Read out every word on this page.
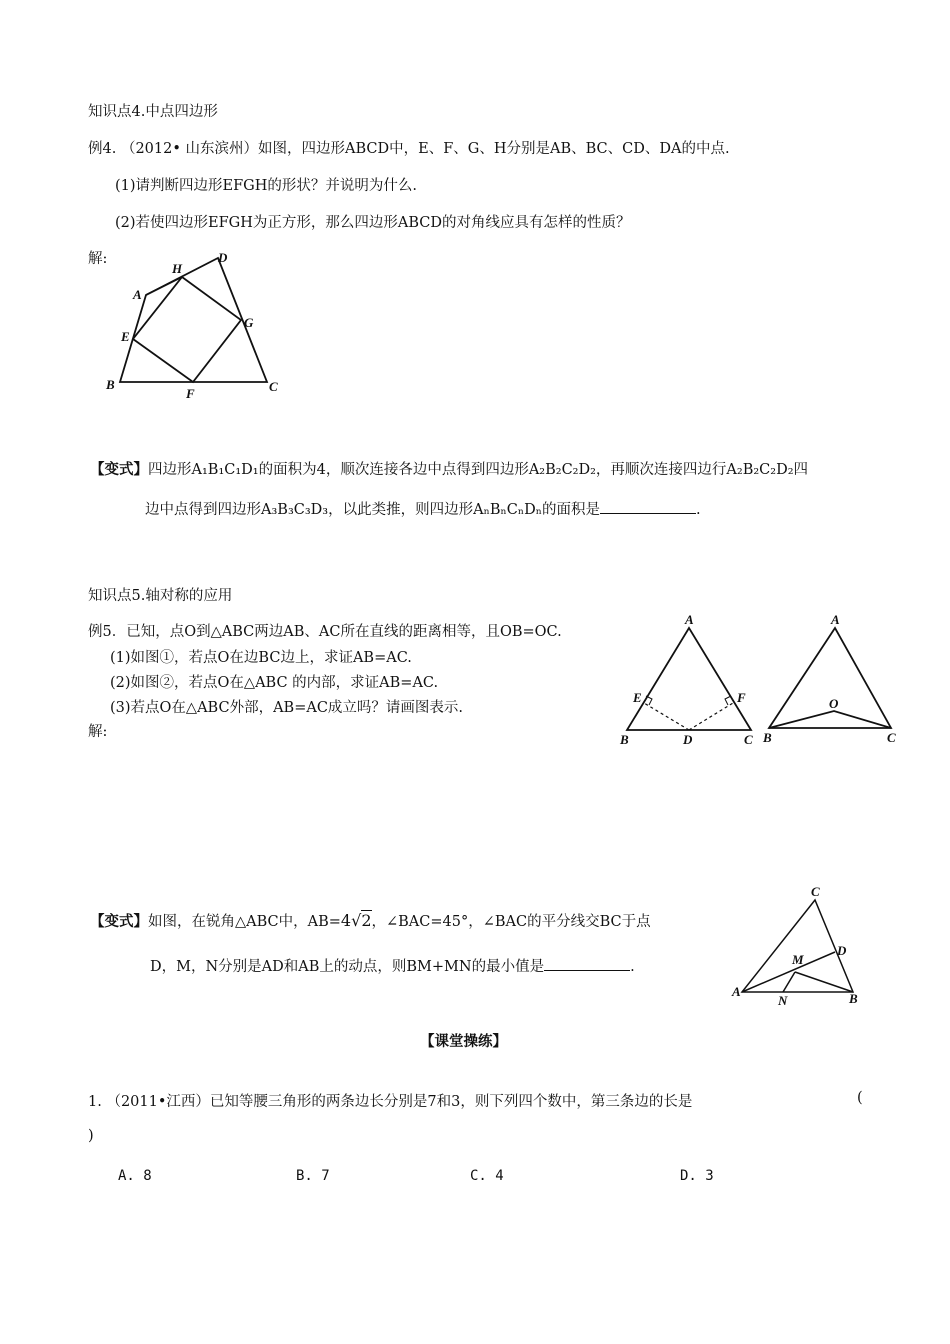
知识点4.中点四边形
例4. （2012• 山东滨州）如图，四边形ABCD中，E、F、G、H分别是AB、BC、CD、DA的中点.
(1)请判断四边形EFGH的形状？并说明为什么.
(2)若使四边形EFGH为正方形，那么四边形ABCD的对角线应具有怎样的性质？
解:
A
B	C
D
E
F
G
H
【变式】四边形A₁B₁C₁D₁的面积为4，顺次连接各边中点得到四边形A₂B₂C₂D₂，再顺次连接四边行A₂B₂C₂D₂四
边中点得到四边形A₃B₃C₃D₃，以此类推，则四边形AₙBₙCₙDₙ的面积是	.
知识点5.轴对称的应用
例5．已知，点O到△ABC两边AB、AC所在直线的距离相等，且OB=OC.
(1)如图①，若点O在边BC边上，求证AB=AC.
(2)如图②，若点O在△ABC 的内部，求证AB=AC.
(3)若点O在△ABC外部，AB=AC成立吗？请画图表示.
解:
A
B	C
D
E	F
A
B	C
O
【变式】如图，在锐角△ABC中，AB=4√2，∠BAC=45°，∠BAC的平分线交BC于点
D，M，N分别是AD和AB上的动点，则BM+MN的最小值是	.
C
D
M
A	B
N
【课堂操练】
1. （2011•江西）已知等腰三角形的两条边长分别是7和3，则下列四个数中，第三条边的长是	(
)
A. 8	B. 7	C. 4	D. 3
